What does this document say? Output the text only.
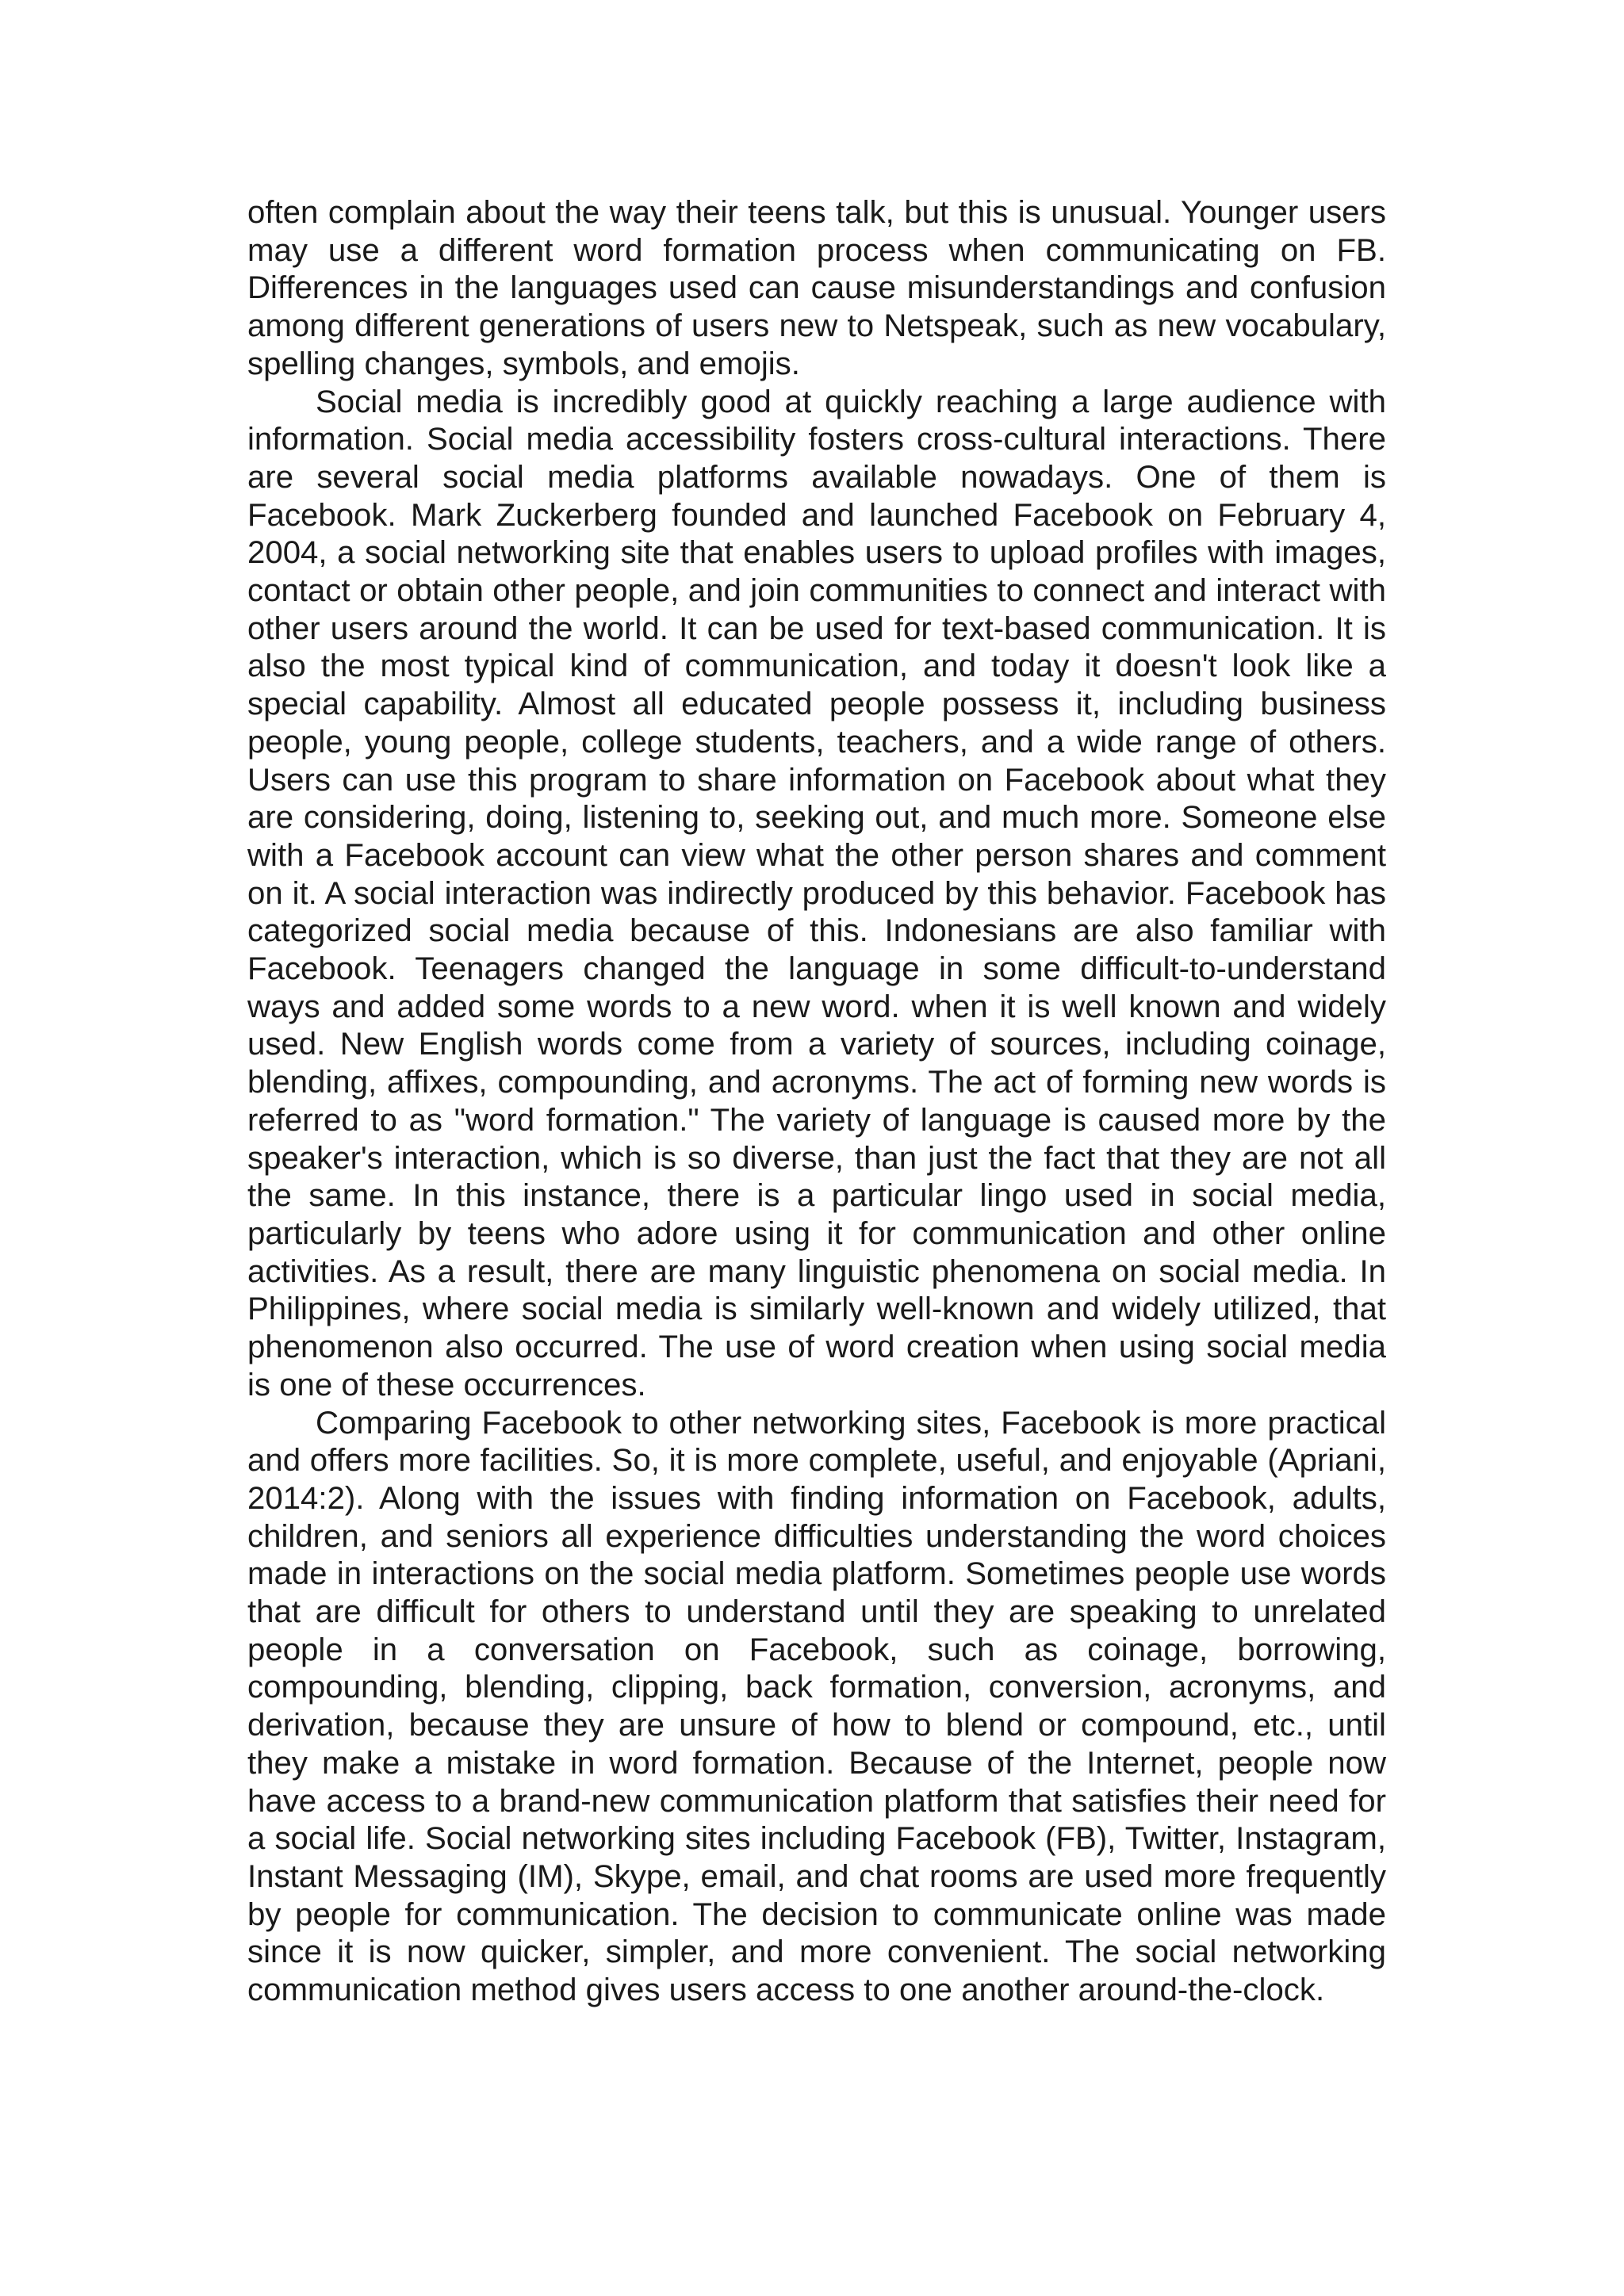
often complain about the way their teens talk, but this is unusual. Younger users may use a different word formation process when communicating on FB. Differences in the languages used can cause misunderstandings and confusion among different generations of users new to Netspeak, such as new vocabulary, spelling changes, symbols, and emojis.

Social media is incredibly good at quickly reaching a large audience with information. Social media accessibility fosters cross-cultural interactions. There are several social media platforms available nowadays. One of them is Facebook. Mark Zuckerberg founded and launched Facebook on February 4, 2004, a social networking site that enables users to upload profiles with images, contact or obtain other people, and join communities to connect and interact with other users around the world. It can be used for text-based communication. It is also the most typical kind of communication, and today it doesn't look like a special capability. Almost all educated people possess it, including business people, young people, college students, teachers, and a wide range of others. Users can use this program to share information on Facebook about what they are considering, doing, listening to, seeking out, and much more. Someone else with a Facebook account can view what the other person shares and comment on it. A social interaction was indirectly produced by this behavior. Facebook has categorized social media because of this. Indonesians are also familiar with Facebook. Teenagers changed the language in some difficult-to-understand ways and added some words to a new word. when it is well known and widely used. New English words come from a variety of sources, including coinage, blending, affixes, compounding, and acronyms. The act of forming new words is referred to as "word formation." The variety of language is caused more by the speaker's interaction, which is so diverse, than just the fact that they are not all the same. In this instance, there is a particular lingo used in social media, particularly by teens who adore using it for communication and other online activities. As a result, there are many linguistic phenomena on social media. In Philippines, where social media is similarly well-known and widely utilized, that phenomenon also occurred. The use of word creation when using social media is one of these occurrences.

Comparing Facebook to other networking sites, Facebook is more practical and offers more facilities. So, it is more complete, useful, and enjoyable (Apriani, 2014:2). Along with the issues with finding information on Facebook, adults, children, and seniors all experience difficulties understanding the word choices made in interactions on the social media platform. Sometimes people use words that are difficult for others to understand until they are speaking to unrelated people in a conversation on Facebook, such as coinage, borrowing, compounding, blending, clipping, back formation, conversion, acronyms, and derivation, because they are unsure of how to blend or compound, etc., until they make a mistake in word formation. Because of the Internet, people now have access to a brand-new communication platform that satisfies their need for a social life. Social networking sites including Facebook (FB), Twitter, Instagram, Instant Messaging (IM), Skype, email, and chat rooms are used more frequently by people for communication. The decision to communicate online was made since it is now quicker, simpler, and more convenient. The social networking communication method gives users access to one another around-the-clock.
